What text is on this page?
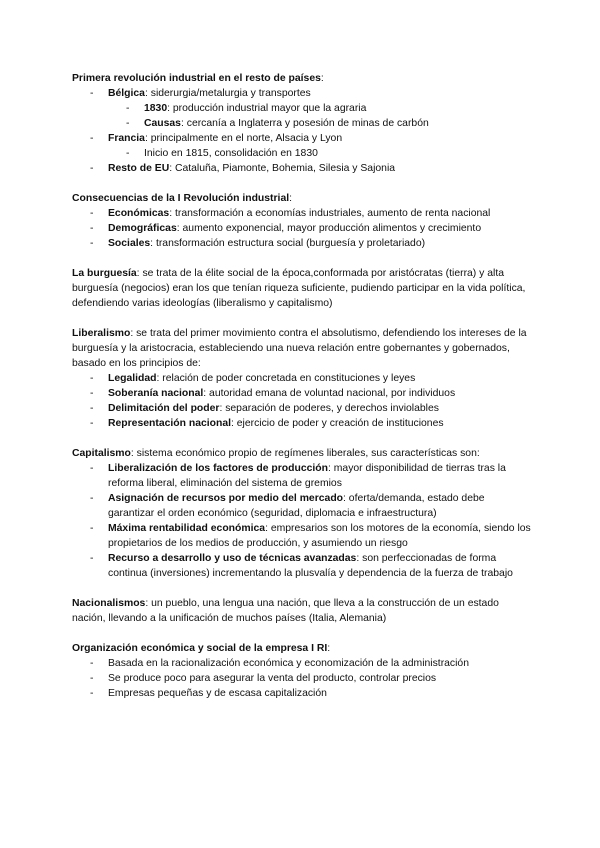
Primera revolución industrial en el resto de países:

- Bélgica: siderurgia/metalurgia y transportes
- 1830: producción industrial mayor que la agraria
- Causas: cercanía a Inglaterra y posesión de minas de carbón
- Francia: principalmente en el norte, Alsacia y Lyon
- Inicio en 1815, consolidación en 1830
- Resto de EU: Cataluña, Piamonte, Bohemia, Silesia y Sajonia

Consecuencias de la I Revolución industrial:

- Económicas: transformación a economías industriales, aumento de renta nacional
- Demográficas: aumento exponencial, mayor producción alimentos y crecimiento
- Sociales: transformación estructura social (burguesía y proletariado)

La burguesía: se trata de la élite social de la época,conformada por aristócratas (tierra) y alta burguesía (negocios) eran los que tenían riqueza suficiente, pudiendo participar en la vida política, defendiendo varias ideologías (liberalismo y capitalismo)

Liberalismo: se trata del primer movimiento contra el absolutismo, defendiendo los intereses de la burguesía y la aristocracia, estableciendo una nueva relación entre gobernantes y gobernados, basado en los principios de:

- Legalidad: relación de poder concretada en constituciones y leyes
- Soberanía nacional: autoridad emana de voluntad nacional, por individuos
- Delimitación del poder: separación de poderes, y derechos inviolables
- Representación nacional: ejercicio de poder y creación de instituciones

Capitalismo: sistema económico propio de regímenes liberales, sus características son:

- Liberalización de los factores de producción: mayor disponibilidad de tierras tras la reforma liberal, eliminación del sistema de gremios
- Asignación de recursos por medio del mercado: oferta/demanda, estado debe garantizar el orden económico (seguridad, diplomacia e infraestructura)
- Máxima rentabilidad económica: empresarios son los motores de la economía, siendo los propietarios de los medios de producción, y asumiendo un riesgo
- Recurso a desarrollo y uso de técnicas avanzadas: son perfeccionadas de forma continua (inversiones) incrementando la plusvalía y dependencia de la fuerza de trabajo

Nacionalismos: un pueblo, una lengua una nación, que lleva a la construcción de un estado nación, llevando a la unificación de muchos países (Italia, Alemania)

Organización económica y social de la empresa I RI:

- Basada en la racionalización económica y economización de la administración
- Se produce poco para asegurar la venta del producto, controlar precios
- Empresas pequeñas y de escasa capitalización
